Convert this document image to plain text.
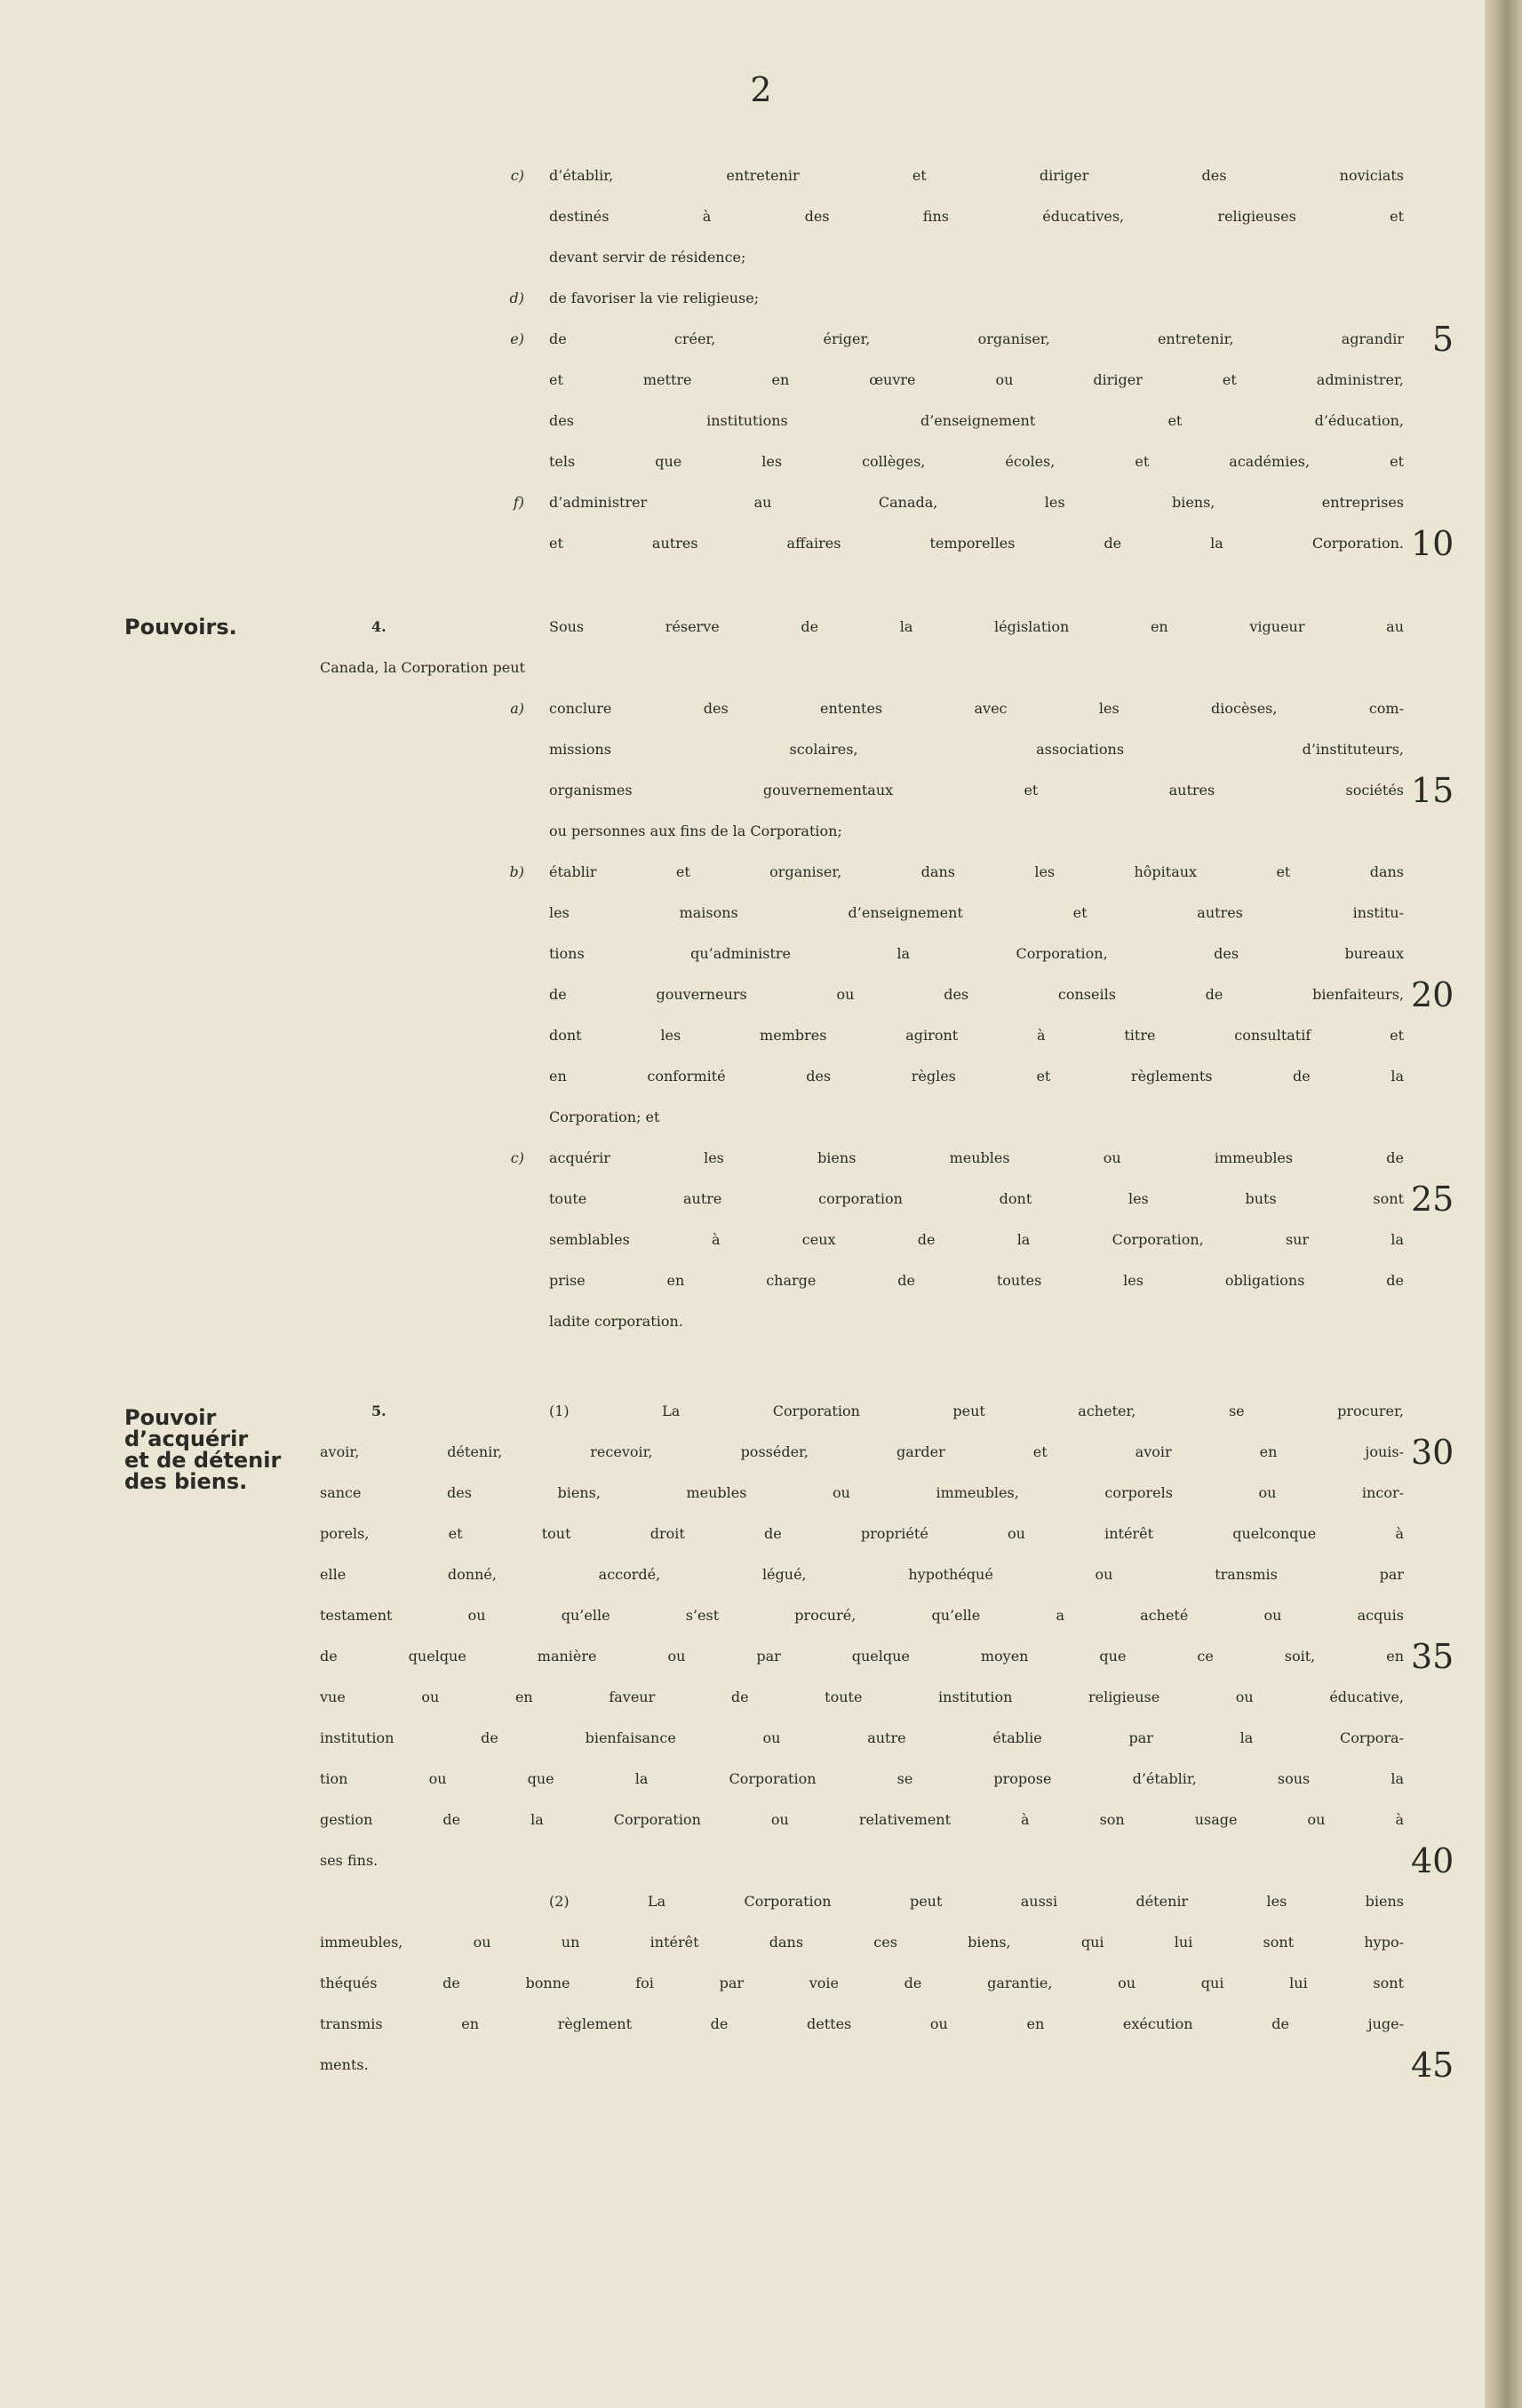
2
c) d’établir, entretenir et diriger des noviciats
destinés à des fins éducatives, religieuses et
devant servir de résidence;
d) de favoriser la vie religieuse;
e) de créer, ériger, organiser, entretenir, agrandir
et mettre en œuvre ou diriger et administrer,
des institutions d’enseignement et d’éducation,
tels que les collèges, écoles, et académies, et
f) d’administrer au Canada, les biens, entreprises
et autres affaires temporelles de la Corporation.
Pouvoirs.	4.	Sous réserve de la législation en vigueur au
Canada, la Corporation peut
a) conclure des ententes avec les diocèses, com-
missions scolaires, associations d’instituteurs,
organismes gouvernementaux et autres sociétés
ou personnes aux fins de la Corporation;
b) établir et organiser, dans les hôpitaux et dans
les maisons d’enseignement et autres institu-
tions qu’administre la Corporation, des bureaux
de gouverneurs ou des conseils de bienfaiteurs,
dont les membres agiront à titre consultatif et
en conformité des règles et règlements de la
Corporation; et
c) acquérir les biens meubles ou immeubles de
toute autre corporation dont les buts sont
semblables à ceux de la Corporation, sur la
prise en charge de toutes les obligations de
ladite corporation.
Pouvoir
d’acquérir
et de détenir
des biens.
5.	(1) La Corporation peut acheter, se procurer,
avoir, détenir, recevoir, posséder, garder et avoir en jouis-
sance des biens, meubles ou immeubles, corporels ou incor-
porels, et tout droit de propriété ou intérêt quelconque à
elle donné, accordé, légué, hypothéqué ou transmis par
testament ou qu’elle s’est procuré, qu’elle a acheté ou acquis
de quelque manière ou par quelque moyen que ce soit, en
vue ou en faveur de toute institution religieuse ou éducative,
institution de bienfaisance ou autre établie par la Corpora-
tion ou que la Corporation se propose d’établir, sous la
gestion de la Corporation ou relativement à son usage ou à
ses fins.
(2) La Corporation peut aussi détenir les biens
immeubles, ou un intérêt dans ces biens, qui lui sont hypo-
théqués de bonne foi par voie de garantie, ou qui lui sont
transmis en règlement de dettes ou en exécution de juge-
ments.
5
10
15
20
25
30
35
40
45
